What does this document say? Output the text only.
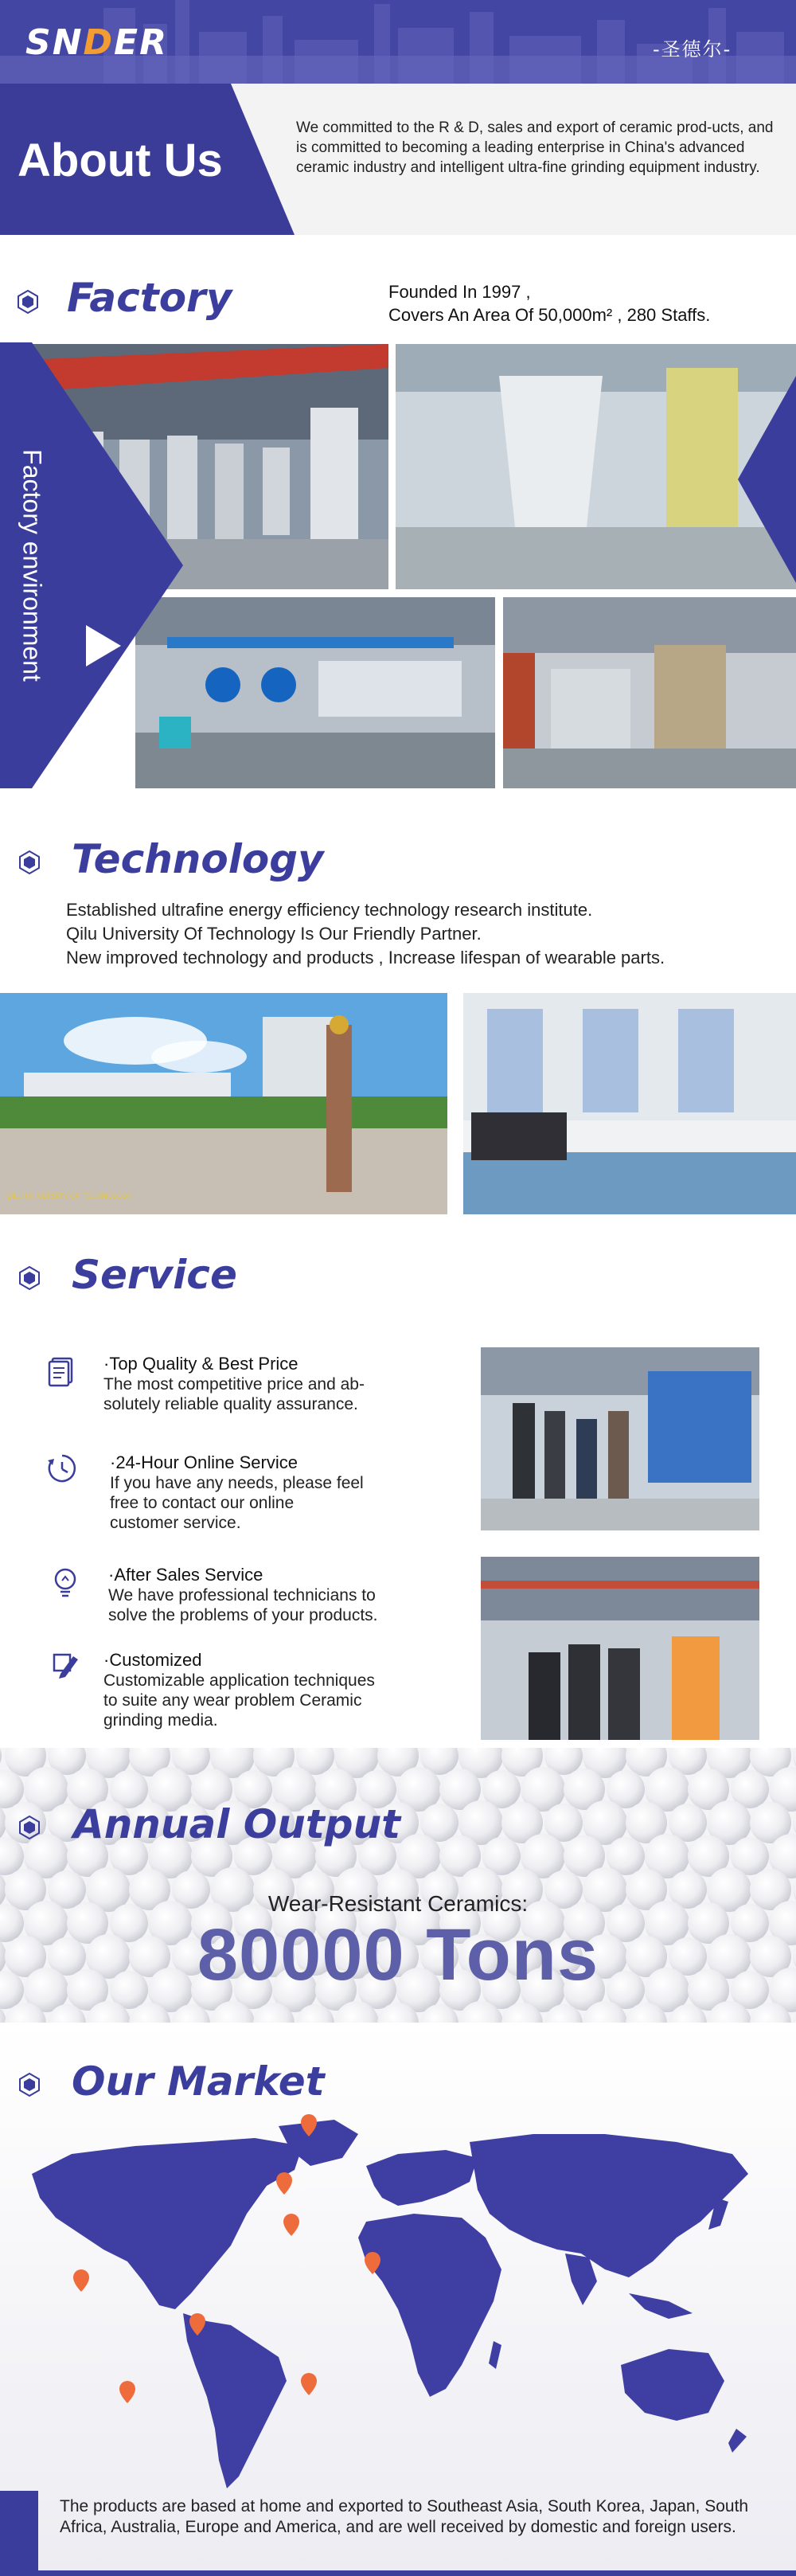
SNDER	-圣德尔-
About Us
We committed to the R & D, sales and export of ceramic prod-ucts, and is committed to becoming a leading enterprise in China's advanced ceramic industry and intelligent ultra-fine grinding equipment industry.
Factory	Founded In 1997 ,
Covers An Area Of 50,000m² , 280 Staffs.
Factory environment
Technology
Established ultrafine energy efficiency technology research institute.
Qilu University Of Technology Is Our Friendly Partner.
New improved technology and products , Increase lifespan of wearable parts.
QILU UNIVERSITY OF TECHNOLOGY
Service
·Top Quality & Best Price
The most competitive price and ab-
solutely reliable quality assurance.
·24-Hour Online Service
If you have any needs, please feel
free to contact our online
customer service.
·After Sales Service
We have professional technicians to
solve the problems of your products.
·Customized
Customizable application techniques
to suite any wear problem Ceramic
grinding media.
Annual Output
Wear-Resistant Ceramics:
80000 Tons
Our Market
The products are based at home and exported to Southeast Asia, South Korea, Japan, South Africa, Australia, Europe and America, and are well received by domestic and foreign users.
